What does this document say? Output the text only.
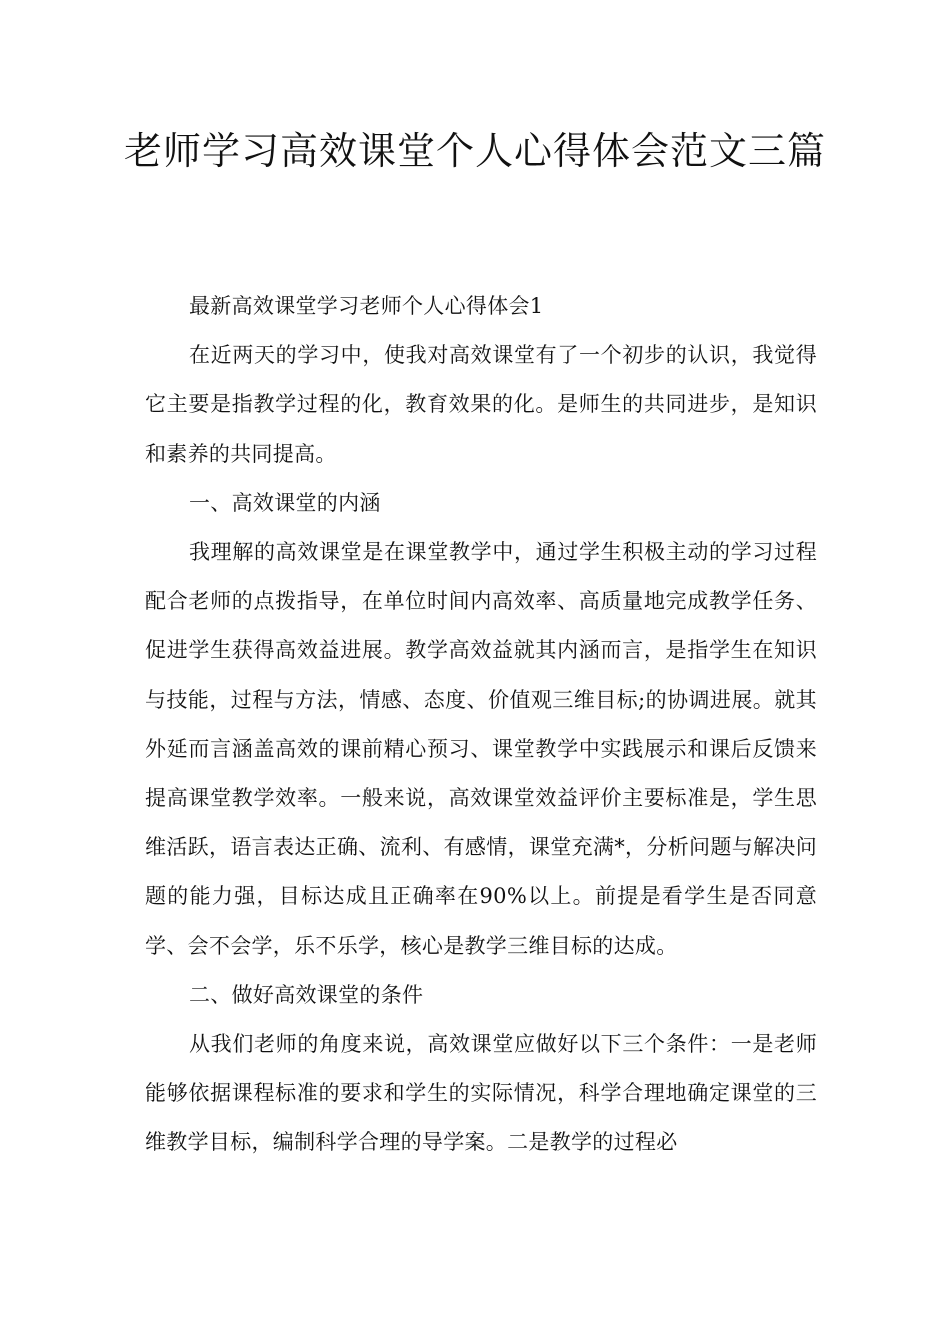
老师学习高效课堂个人心得体会范文三篇

最新高效课堂学习老师个人心得体会1

在近两天的学习中，使我对高效课堂有了一个初步的认识，我觉得它主要是指教学过程的化，教育效果的化。是师生的共同进步，是知识和素养的共同提高。

一、高效课堂的内涵

我理解的高效课堂是在课堂教学中，通过学生积极主动的学习过程配合老师的点拨指导，在单位时间内高效率、高质量地完成教学任务、促进学生获得高效益进展。教学高效益就其内涵而言，是指学生在知识与技能，过程与方法，情感、态度、价值观三维目标;的协调进展。就其外延而言涵盖高效的课前精心预习、课堂教学中实践展示和课后反馈来提高课堂教学效率。一般来说，高效课堂效益评价主要标准是，学生思维活跃，语言表达正确、流利、有感情，课堂充满*，分析问题与解决问题的能力强，目标达成且正确率在90%以上。前提是看学生是否同意学、会不会学，乐不乐学，核心是教学三维目标的达成。

二、做好高效课堂的条件

从我们老师的角度来说，高效课堂应做好以下三个条件：一是老师能够依据课程标准的要求和学生的实际情况，科学合理地确定课堂的三维教学目标，编制科学合理的导学案。二是教学的过程必
